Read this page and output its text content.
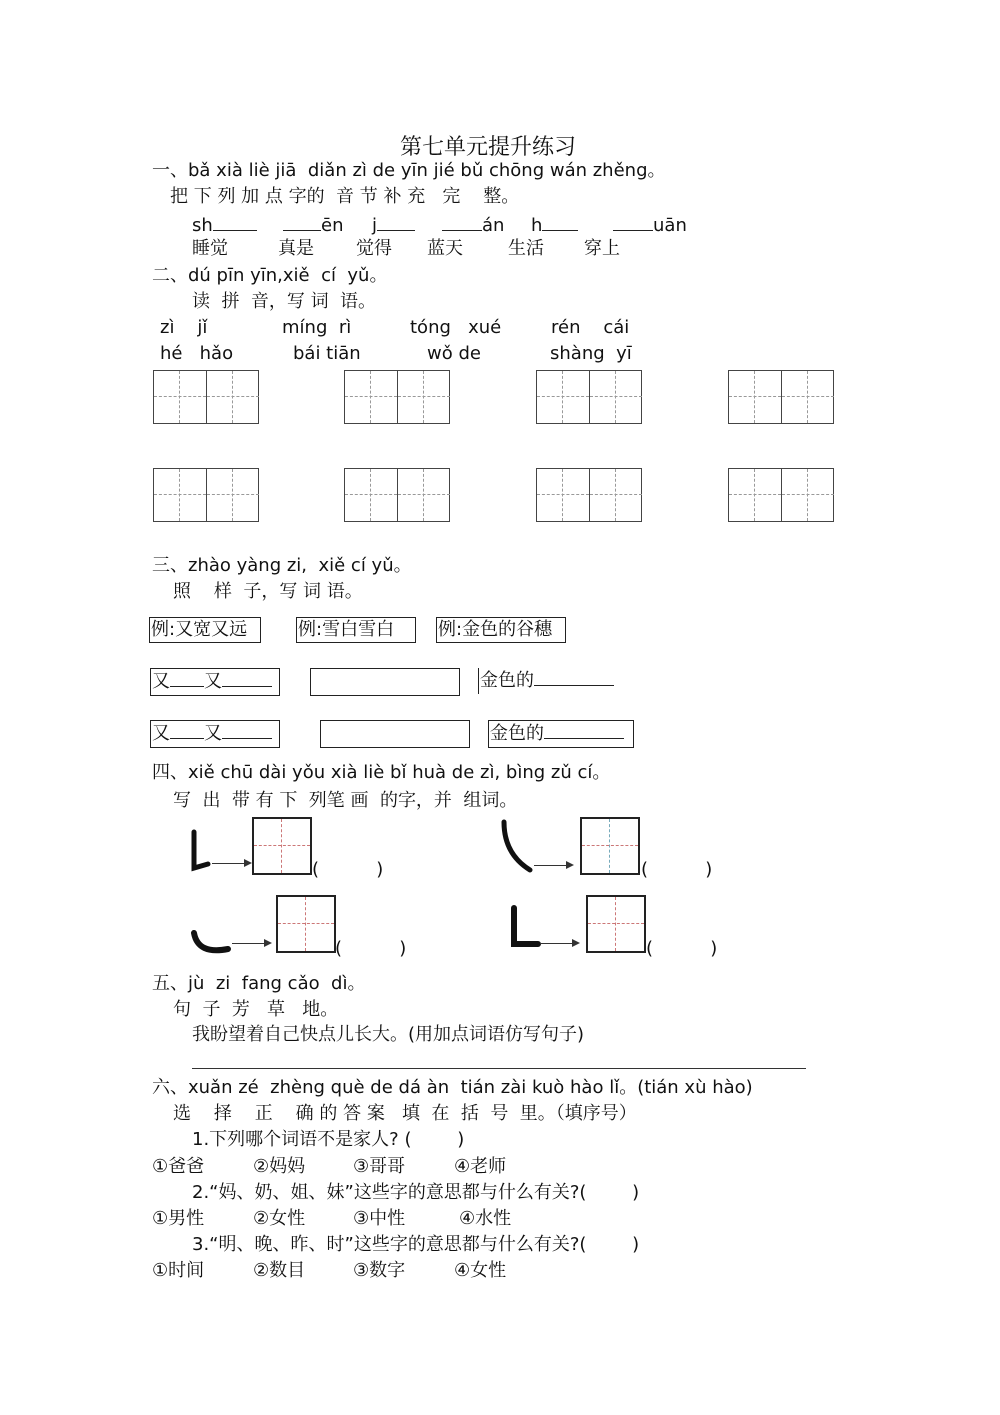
第七单元提升练习
一、bǎ xià liè jiā  diǎn zì de yīn jié bǔ chōng wán zhěng。
把 下 列 加 点 字的  音 节 补 充   完    整。
sh	ēn j	án h	uān
睡觉	真是 觉得 蓝天	生活 穿上
二、dú pīn yīn,xiě  cí  yǔ。
读  拼  音，写 词  语。
zì    jǐ	míng  rì	tóng   xué	rén    cái
hé   hǎo	bái tiān	wǒ de	shàng  yī
三、zhào yàng zi,  xiě cí yǔ。
照    样  子，写 词 语。
例:又宽又远	例:雪白雪白	例:金色的谷穗
又 又	金色的
又 又	金色的
四、xiě chū dài yǒu xià liè bǐ huà de zì, bìng zǔ cí。
写  出  带 有 下  列笔 画  的字，并  组词。
(          )	(          )
(          )	(          )
五、jù  zi  fang cǎo  dì。
句  子  芳   草   地。
我盼望着自己快点儿长大。(用加点词语仿写句子)
六、xuǎn zé  zhèng què de dá àn  tián zài kuò hào lǐ。(tián xù hào)
选    择    正    确 的 答 案   填  在  括  号  里。（填序号）
1.下列哪个词语不是家人? (        )
①爸爸	②妈妈	③哥哥	④老师
2.“妈、奶、姐、妹”这些字的意思都与什么有关?(        )
①男性	②女性	③中性	④水性
3.“明、晚、昨、时”这些字的意思都与什么有关?(        )
①时间	②数目	③数字	④女性
